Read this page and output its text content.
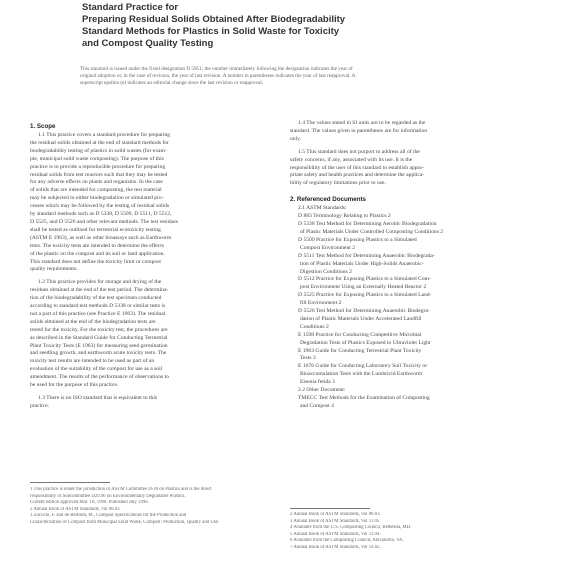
Standard Practice for
Preparing Residual Solids Obtained After Biodegradability
Standard Methods for Plastics in Solid Waste for Toxicity
and Compost Quality Testing
This standard is issued under the fixed designation D 5951; the number immediately following the designation indicates the year of
original adoption or, in the case of revision, the year of last revision. A number in parentheses indicates the year of last reapproval. A
superscript epsilon (e) indicates an editorial change since the last revision or reapproval.
1. Scope
1.1 This practice covers a standard procedure for preparing
the residual solids obtained at the end of standard methods for
biodegradability testing of plastics in solid wastes (for exam-
ple, municipal solid waste composting). The purpose of this
practice is to provide a reproducible procedure for preparing
residual solids from test reactors such that they may be tested
for any adverse effects on plants and organisms. In the case
of solids that are intended for composting, the test material
may be subjected to either biodegradation or simulated pro-
cesses which may be followed by the testing of residual solids
by standard methods such as D 5338, D 5509, D 5511, D 5512,
D 5525, and D 5526 and other relevant methods. The test residues
shall be tested as outlined for terrestrial ecotoxicity testing
(ASTM E 1963), as well as other bioassays such as Earthworm
tests. The toxicity tests are intended to determine the effects
of the plastic on the compost and its soil or land application.
This standard does not define the toxicity limit or compost
quality requirements.
1.2 This practice provides for storage and drying of the
residues obtained at the end of the test period. The determina-
tion of the biodegradability of the test specimen conducted
according to standard test methods D 5338 or similar tests is
not a part of this practice (see Practice E 1963). The residual
solids obtained at the end of the biodegradation tests are
tested for the toxicity. For the toxicity test, the procedures are
as described in the Standard Guide for Conducting Terrestrial
Plant Toxicity Tests (E 1963) for measuring seed germination
and seedling growth, and earthworm acute toxicity tests. The
toxicity test results are intended to be used as part of an
evaluation of the suitability of the compost for use as a soil
amendment. The results of the performance of observations to
be used for the purpose of this practice.
1.3 There is no ISO standard that is equivalent to this
practice.
1 This practice is under the jurisdiction of ASTM Committee D-20 on Plastics and is the direct
responsibility of Subcommittee D20.96 on Environmentally Degradable Plastics.
Current edition approved Mar. 10, 1996. Published July 1996.
2 Annual Book of ASTM Standards, Vol 08.03.
3 Zucconi, F. and de Bertoldi, M., Compost Specifications for the Production and
Characterization of Compost from Municipal Solid Waste, Compost: Production, Quality and Use.
1.4 The values stated in SI units are to be regarded as the
standard. The values given in parentheses are for information
only.
1.5 This standard does not purport to address all of the
safety concerns, if any, associated with its use. It is the
responsibility of the user of this standard to establish appro-
priate safety and health practices and determine the applica-
bility of regulatory limitations prior to use.
2. Referenced Documents
2.1 ASTM Standards:
D 883 Terminology Relating to Plastics 2
D 5338 Test Method for Determining Aerobic Biodegradation
of Plastic Materials Under Controlled Composting Conditions 2
D 5509 Practice for Exposing Plastics to a Simulated
Compost Environment 2
D 5511 Test Method for Determining Anaerobic Biodegrada-
tion of Plastic Materials Under High-Solids Anaerobic-
Digestion Conditions 2
D 5512 Practice for Exposing Plastics to a Simulated Com-
post Environment Using an Externally Heated Reactor 2
D 5525 Practice for Exposing Plastics to a Simulated Land-
fill Environment 2
D 5526 Test Method for Determining Anaerobic Biodegra-
dation of Plastic Materials Under Accelerated Landfill
Conditions 2
E 1598 Practice for Conducting Competitive Microbial
Degradation Tests of Plastics Exposed to Ultraviolet Light
E 1963 Guide for Conducting Terrestrial Plant Toxicity
Tests 3
E 1676 Guide for Conducting Laboratory Soil Toxicity or
Bioaccumulation Tests with the Lumbricid Earthworm
Eisenia fetida 3
2.2 Other Document:
TMECC Test Methods for the Examination of Composting
and Compost 4
2 Annual Book of ASTM Standards, Vol 08.03.
3 Annual Book of ASTM Standards, Vol 11.05.
4 Available from the U.S. Composting Council, Bethesda, MD.
5 Annual Book of ASTM Standards, Vol 11.04.
6 Available from the Composting Council, Alexandria, VA.
7 Annual Book of ASTM Standards, Vol 14.02.
